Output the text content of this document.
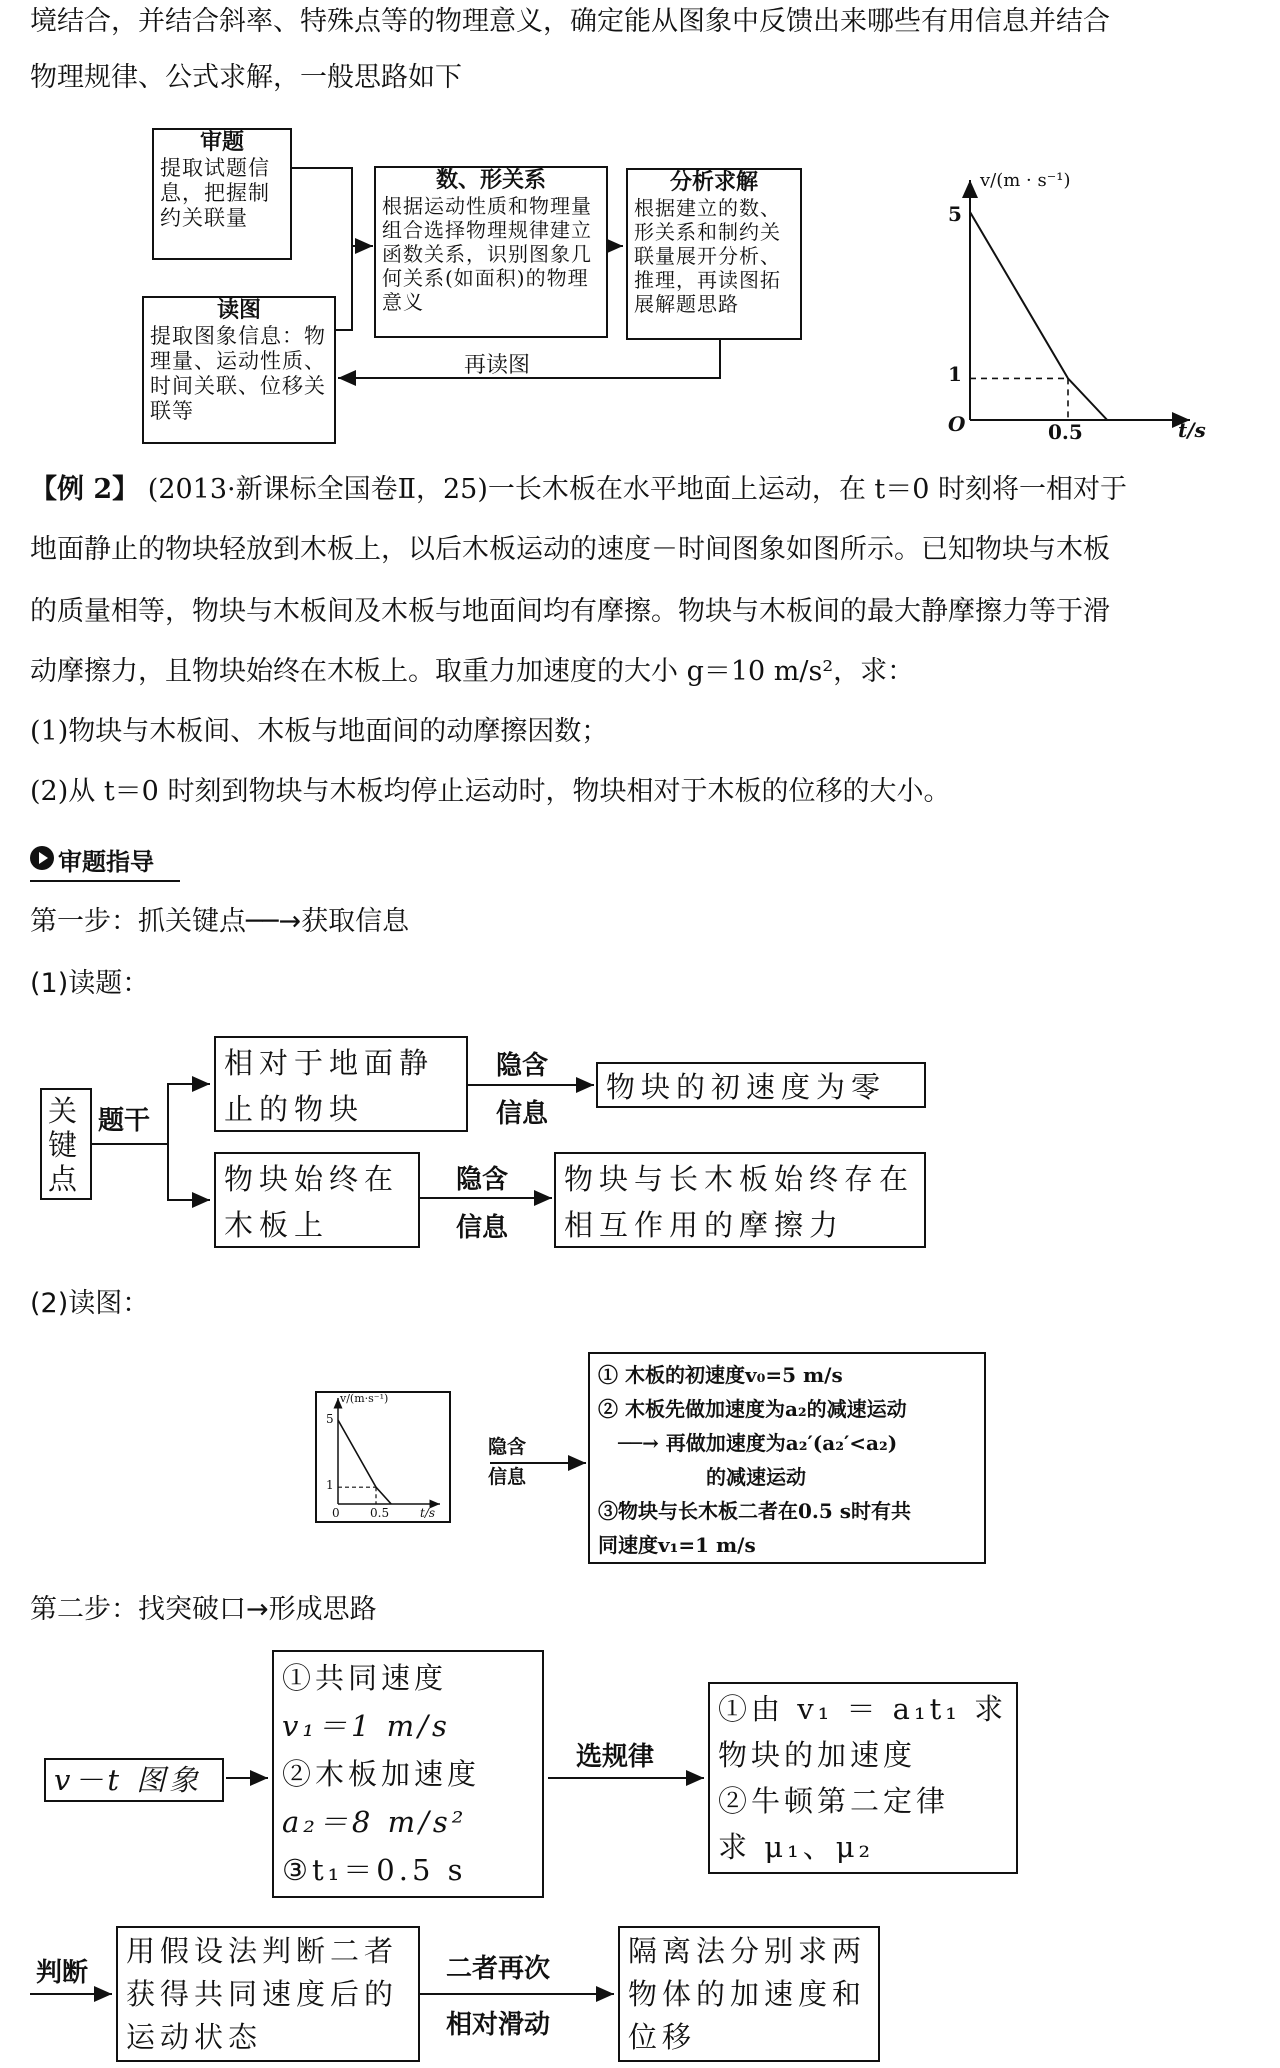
境结合，并结合斜率、特殊点等的物理意义，确定能从图象中反馈出来哪些有用信息并结合
物理规律、公式求解，一般思路如下
审题
提取试题信息，把握制约关联量
读图
提取图象信息：物理量、运动性质、时间关联、位移关联等
数、形关系
根据运动性质和物理量组合选择物理规律建立函数关系，识别图象几何关系(如面积)的物理意义
分析求解
根据建立的数、形关系和制约关联量展开分析、推理，再读图拓展解题思路
再读图
v/(m · s⁻¹)
t/s
O
5
1
0.5
【例 2】 (2013·新课标全国卷Ⅱ，25)一长木板在水平地面上运动，在 t＝0 时刻将一相对于
地面静止的物块轻放到木板上，以后木板运动的速度－时间图象如图所示。已知物块与木板
的质量相等，物块与木板间及木板与地面间均有摩擦。物块与木板间的最大静摩擦力等于滑
动摩擦力，且物块始终在木板上。取重力加速度的大小 g＝10 m/s²，求：
(1)物块与木板间、木板与地面间的动摩擦因数；
(2)从 t＝0 时刻到物块与木板均停止运动时，物块相对于木板的位移的大小。
审题指导
第一步：抓关键点──→获取信息
(1)读题：
关键点
题干
相对于地面静止的物块
隐含信息
物块的初速度为零
物块始终在木板上
隐含信息
物块与长木板始终存在相互作用的摩擦力
(2)读图：
v/(m·s⁻¹)
t/s
5
1
0	0.5
隐含信息
① 木板的初速度v₀=5 m/s
② 木板先做加速度为a₂的减速运动
──→ 再做加速度为a₂′(a₂′<a₂)
的减速运动
③物块与长木板二者在0.5 s时有共
同速度v₁=1 m/s
第二步：找突破口→形成思路
v－t 图象
①共同速度
v₁＝1 m/s
②木板加速度
a₂＝8 m/s²
③t₁＝0.5 s
选规律
①由 v₁ ＝ a₁t₁ 求
物块的加速度
②牛顿第二定律
求 μ₁、μ₂
判断
用假设法判断二者获得共同速度后的运动状态
二者再次
相对滑动
隔离法分别求两物体的加速度和位移
